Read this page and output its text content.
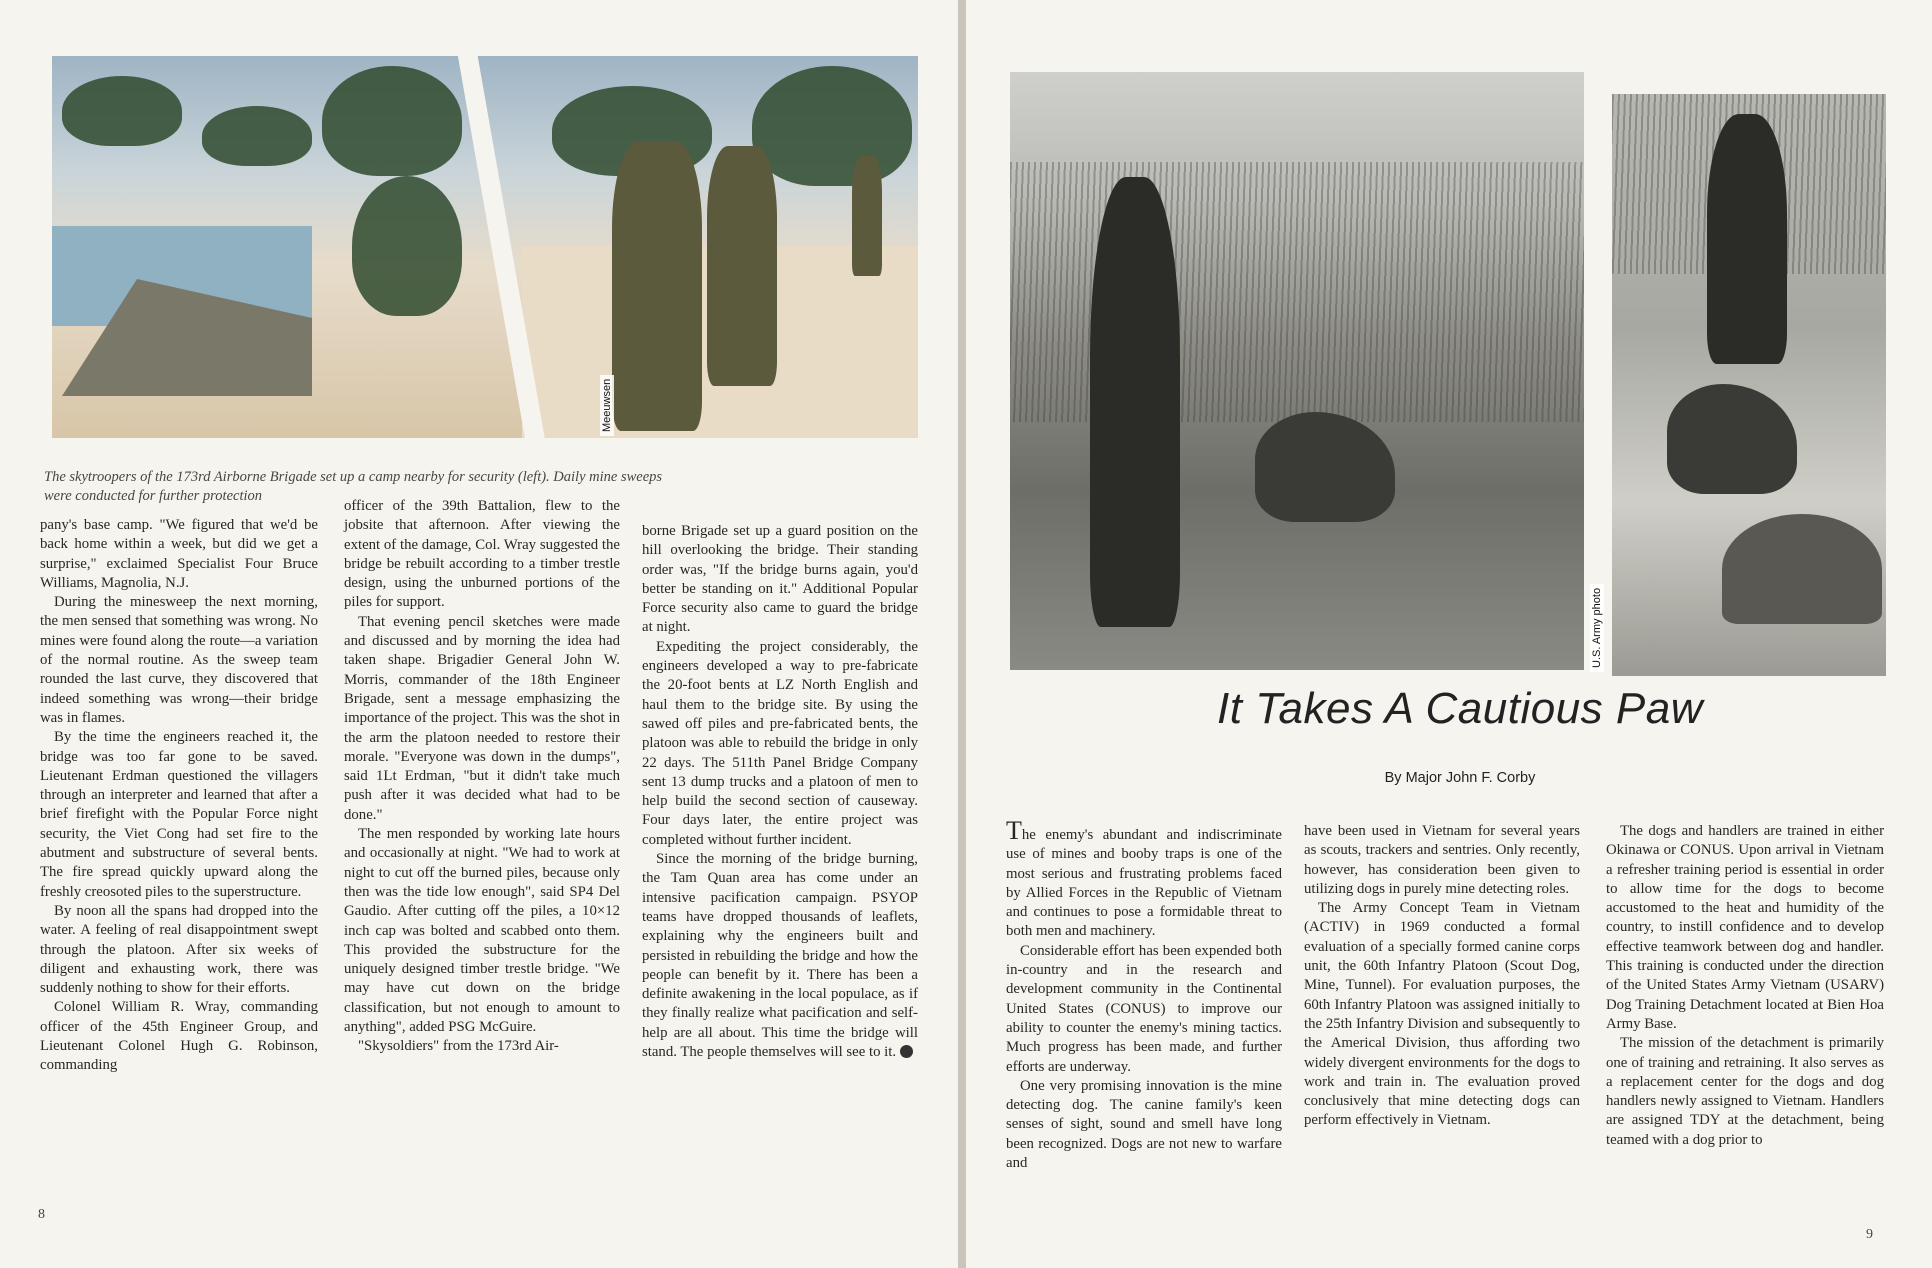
Meeuwsen
The skytroopers of the 173rd Airborne Brigade set up a camp nearby for security (left). Daily mine sweeps
were conducted for further protection

pany's base camp. "We figured that we'd be back home within a week, but did we get a surprise," exclaimed Specialist Four Bruce Williams, Magnolia, N.J.

During the minesweep the next morning, the men sensed that something was wrong. No mines were found along the route—a variation of the normal routine. As the sweep team rounded the last curve, they discovered that indeed something was wrong—their bridge was in flames.

By the time the engineers reached it, the bridge was too far gone to be saved. Lieutenant Erdman questioned the villagers through an interpreter and learned that after a brief firefight with the Popular Force night security, the Viet Cong had set fire to the abutment and substructure of several bents. The fire spread quickly upward along the freshly creosoted piles to the superstructure.

By noon all the spans had dropped into the water. A feeling of real disappointment swept through the platoon. After six weeks of diligent and exhausting work, there was suddenly nothing to show for their efforts.

Colonel William R. Wray, commanding officer of the 45th Engineer Group, and Lieutenant Colonel Hugh G. Robinson, commanding

officer of the 39th Battalion, flew to the jobsite that afternoon. After viewing the extent of the damage, Col. Wray suggested the bridge be rebuilt according to a timber trestle design, using the unburned portions of the piles for support.

That evening pencil sketches were made and discussed and by morning the idea had taken shape. Brigadier General John W. Morris, commander of the 18th Engineer Brigade, sent a message emphasizing the importance of the project. This was the shot in the arm the platoon needed to restore their morale. "Everyone was down in the dumps", said 1Lt Erdman, "but it didn't take much push after it was decided what had to be done."

The men responded by working late hours and occasionally at night. "We had to work at night to cut off the burned piles, because only then was the tide low enough", said SP4 Del Gaudio. After cutting off the piles, a 10×12 inch cap was bolted and scabbed onto them. This provided the substructure for the uniquely designed timber trestle bridge. "We may have cut down on the bridge classification, but not enough to amount to anything", added PSG McGuire.

"Skysoldiers" from the 173rd Air-

borne Brigade set up a guard position on the hill overlooking the bridge. Their standing order was, "If the bridge burns again, you'd better be standing on it." Additional Popular Force security also came to guard the bridge at night.

Expediting the project considerably, the engineers developed a way to pre-fabricate the 20-foot bents at LZ North English and haul them to the bridge site. By using the sawed off piles and pre-fabricated bents, the platoon was able to rebuild the bridge in only 22 days. The 511th Panel Bridge Company sent 13 dump trucks and a platoon of men to help build the second section of causeway. Four days later, the entire project was completed without further incident.

Since the morning of the bridge burning, the Tam Quan area has come under an intensive pacification campaign. PSYOP teams have dropped thousands of leaflets, explaining why the engineers built and persisted in rebuilding the bridge and how the people can benefit by it. There has been a definite awakening in the local populace, as if they finally realize what pacification and self-help are all about. This time the bridge will stand. The people themselves will see to it.

8
U.S. Army photo
It Takes A Cautious Paw
By Major John F. Corby

The enemy's abundant and indiscriminate use of mines and booby traps is one of the most serious and frustrating problems faced by Allied Forces in the Republic of Vietnam and continues to pose a formidable threat to both men and machinery.

Considerable effort has been expended both in-country and in the research and development community in the Continental United States (CONUS) to improve our ability to counter the enemy's mining tactics. Much progress has been made, and further efforts are underway.

One very promising innovation is the mine detecting dog. The canine family's keen senses of sight, sound and smell have long been recognized. Dogs are not new to warfare and

have been used in Vietnam for several years as scouts, trackers and sentries. Only recently, however, has consideration been given to utilizing dogs in purely mine detecting roles.

The Army Concept Team in Vietnam (ACTIV) in 1969 conducted a formal evaluation of a specially formed canine corps unit, the 60th Infantry Platoon (Scout Dog, Mine, Tunnel). For evaluation purposes, the 60th Infantry Platoon was assigned initially to the 25th Infantry Division and subsequently to the Americal Division, thus affording two widely divergent environments for the dogs to work and train in. The evaluation proved conclusively that mine detecting dogs can perform effectively in Vietnam.

The dogs and handlers are trained in either Okinawa or CONUS. Upon arrival in Vietnam a refresher training period is essential in order to allow time for the dogs to become accustomed to the heat and humidity of the country, to instill confidence and to develop effective teamwork between dog and handler. This training is conducted under the direction of the United States Army Vietnam (USARV) Dog Training Detachment located at Bien Hoa Army Base.

The mission of the detachment is primarily one of training and retraining. It also serves as a replacement center for the dogs and dog handlers newly assigned to Vietnam. Handlers are assigned TDY at the detachment, being teamed with a dog prior to

9
